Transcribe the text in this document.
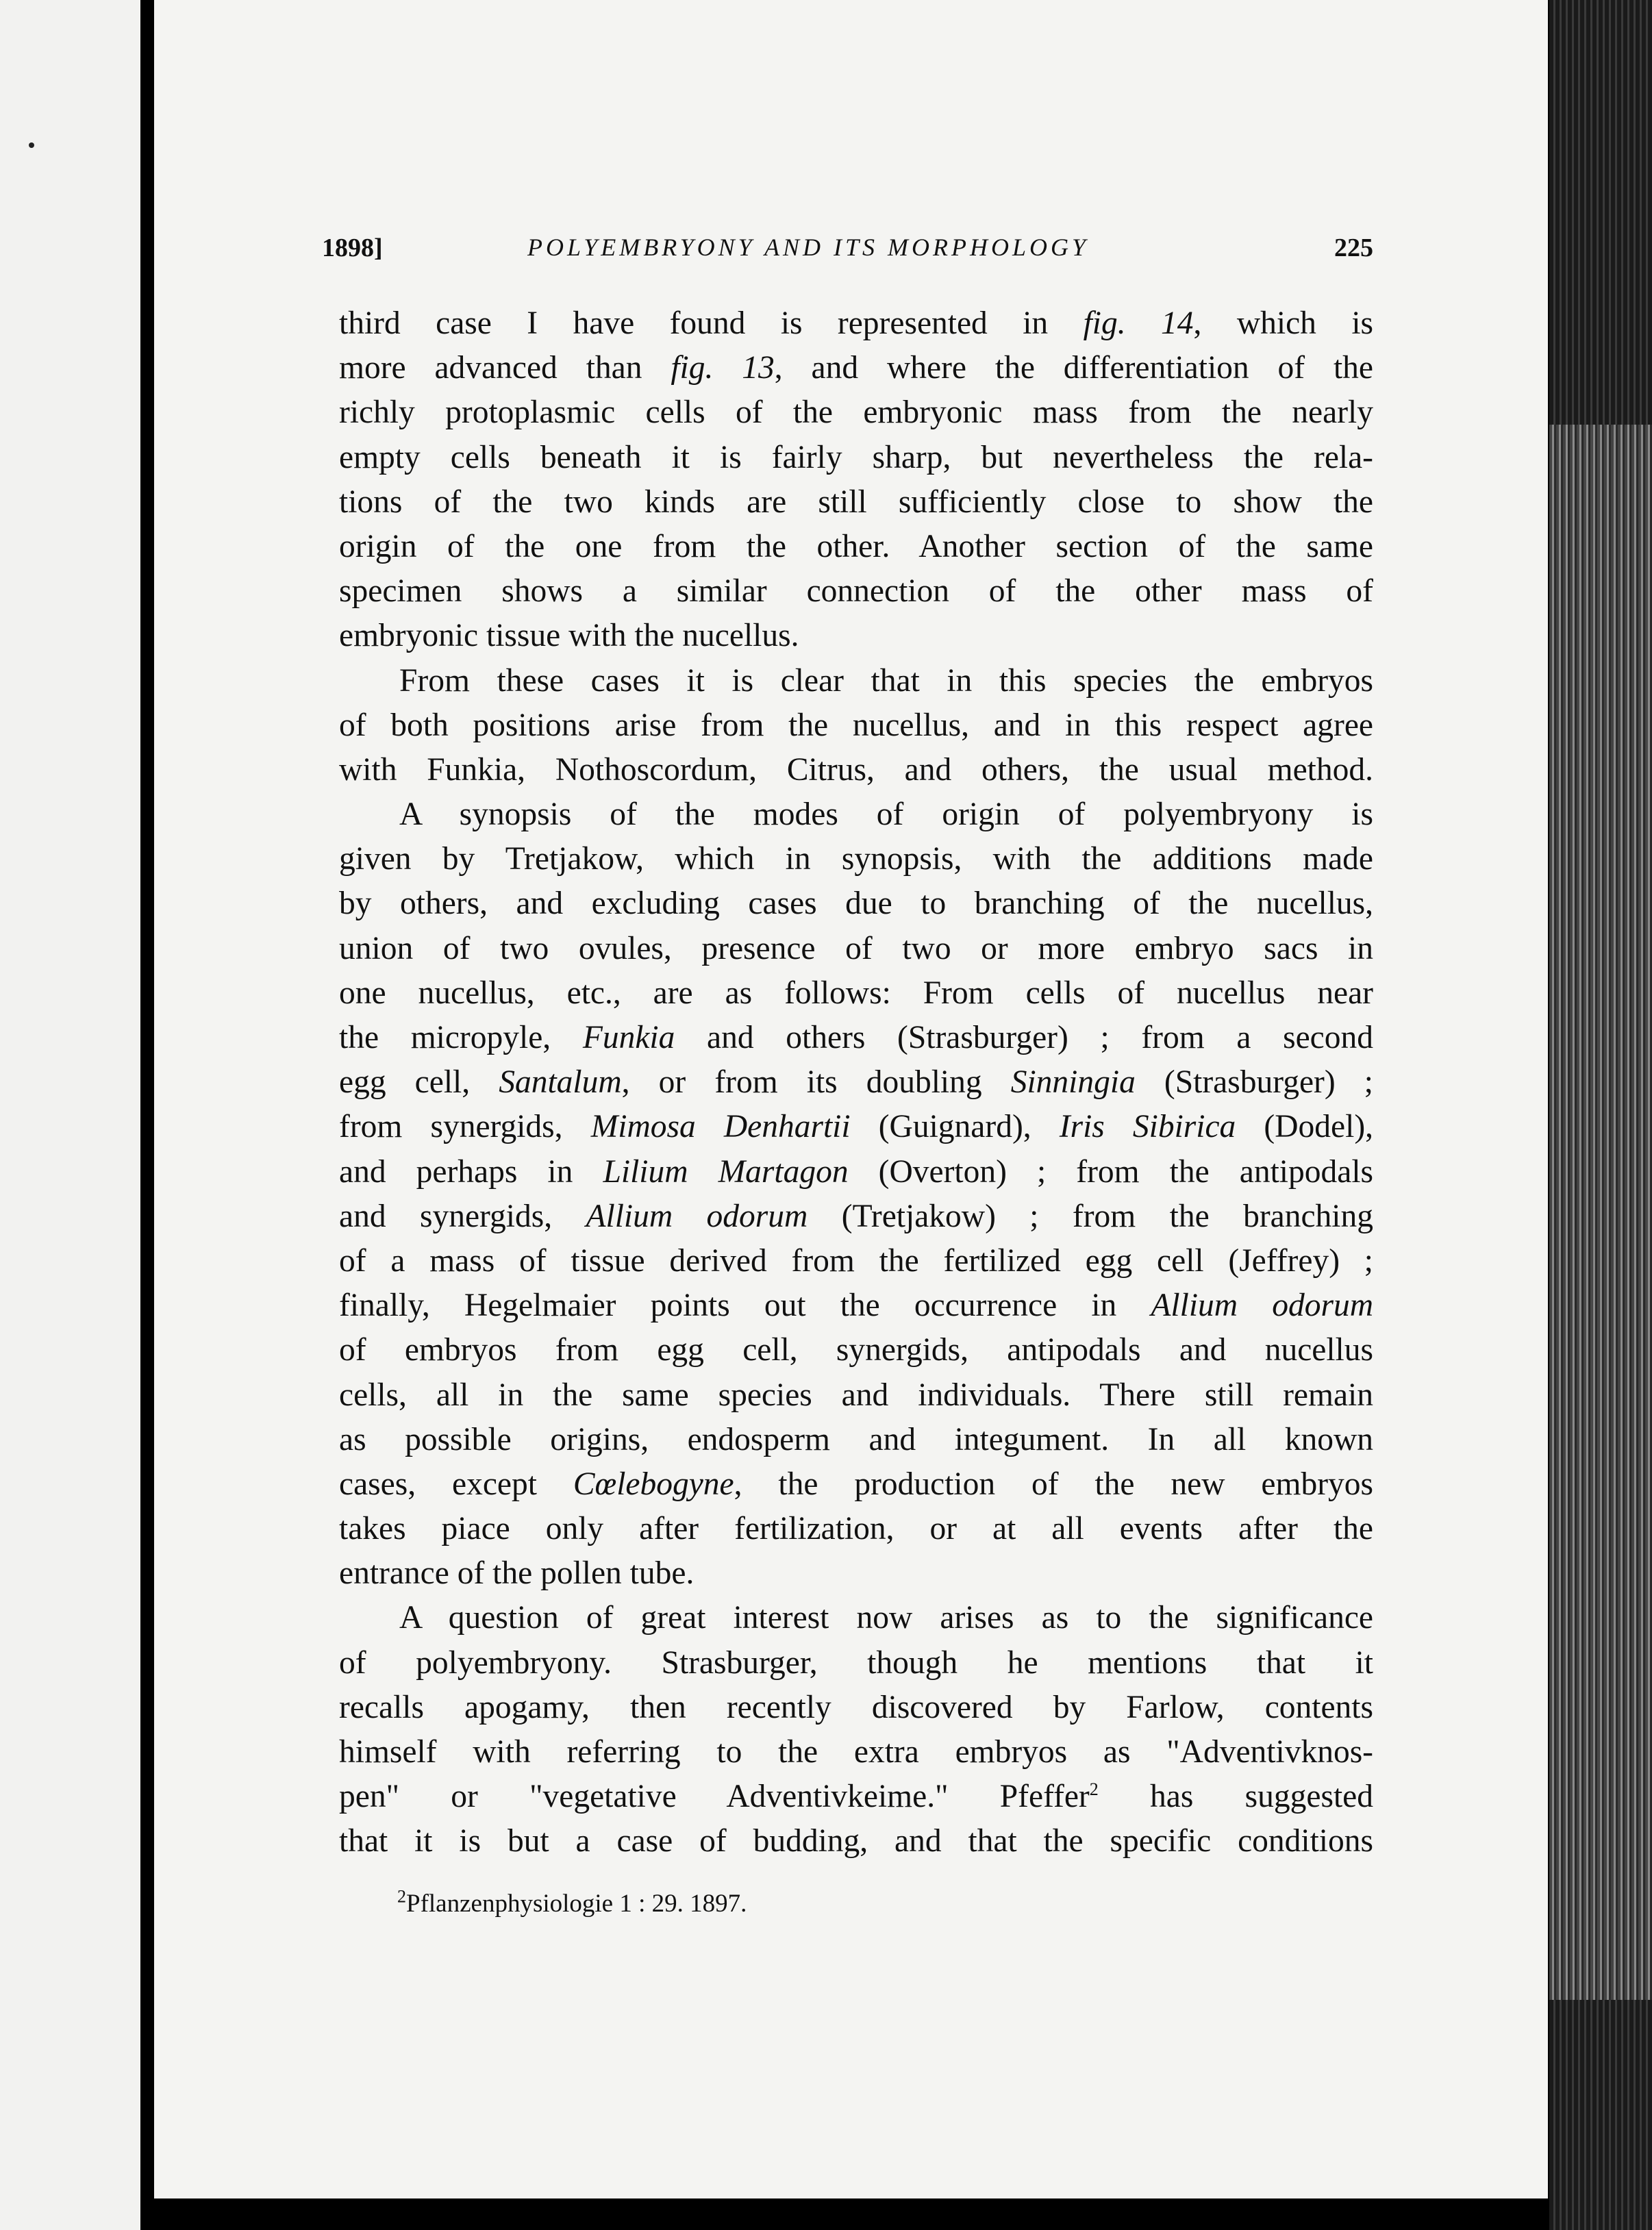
1898]	POLYEMBRYONY AND ITS MORPHOLOGY	225
third case I have found is represented in fig. 14, which is
more advanced than fig. 13, and where the differentiation of the
richly protoplasmic cells of the embryonic mass from the nearly
empty cells beneath it is fairly sharp, but nevertheless the rela-
tions of the two kinds are still sufficiently close to show the
origin of the one from the other. Another section of the same
specimen shows a similar connection of the other mass of
embryonic tissue with the nucellus.
From these cases it is clear that in this species the embryos
of both positions arise from the nucellus, and in this respect agree
with Funkia, Nothoscordum, Citrus, and others, the usual method.
A synopsis of the modes of origin of polyembryony is
given by Tretjakow, which in synopsis, with the additions made
by others, and excluding cases due to branching of the nucellus,
union of two ovules, presence of two or more embryo sacs in
one nucellus, etc., are as follows: From cells of nucellus near
the micropyle, Funkia and others (Strasburger) ; from a second
egg cell, Santalum, or from its doubling Sinningia (Strasburger) ;
from synergids, Mimosa Denhartii (Guignard), Iris Sibirica (Dodel),
and perhaps in Lilium Martagon (Overton) ; from the antipodals
and synergids, Allium odorum (Tretjakow) ; from the branching
of a mass of tissue derived from the fertilized egg cell (Jeffrey) ;
finally, Hegelmaier points out the occurrence in Allium odorum
of embryos from egg cell, synergids, antipodals and nucellus
cells, all in the same species and individuals. There still remain
as possible origins, endosperm and integument. In all known
cases, except Cœlebogyne, the production of the new embryos
takes piace only after fertilization, or at all events after the
entrance of the pollen tube.
A question of great interest now arises as to the significance
of polyembryony. Strasburger, though he mentions that it
recalls apogamy, then recently discovered by Farlow, contents
himself with referring to the extra embryos as "Adventivknos-
pen" or "vegetative Adventivkeime." Pfeffer$^2$ has suggested
that it is but a case of budding, and that the specific conditions
$^2$Pflanzenphysiologie 1 : 29. 1897.
